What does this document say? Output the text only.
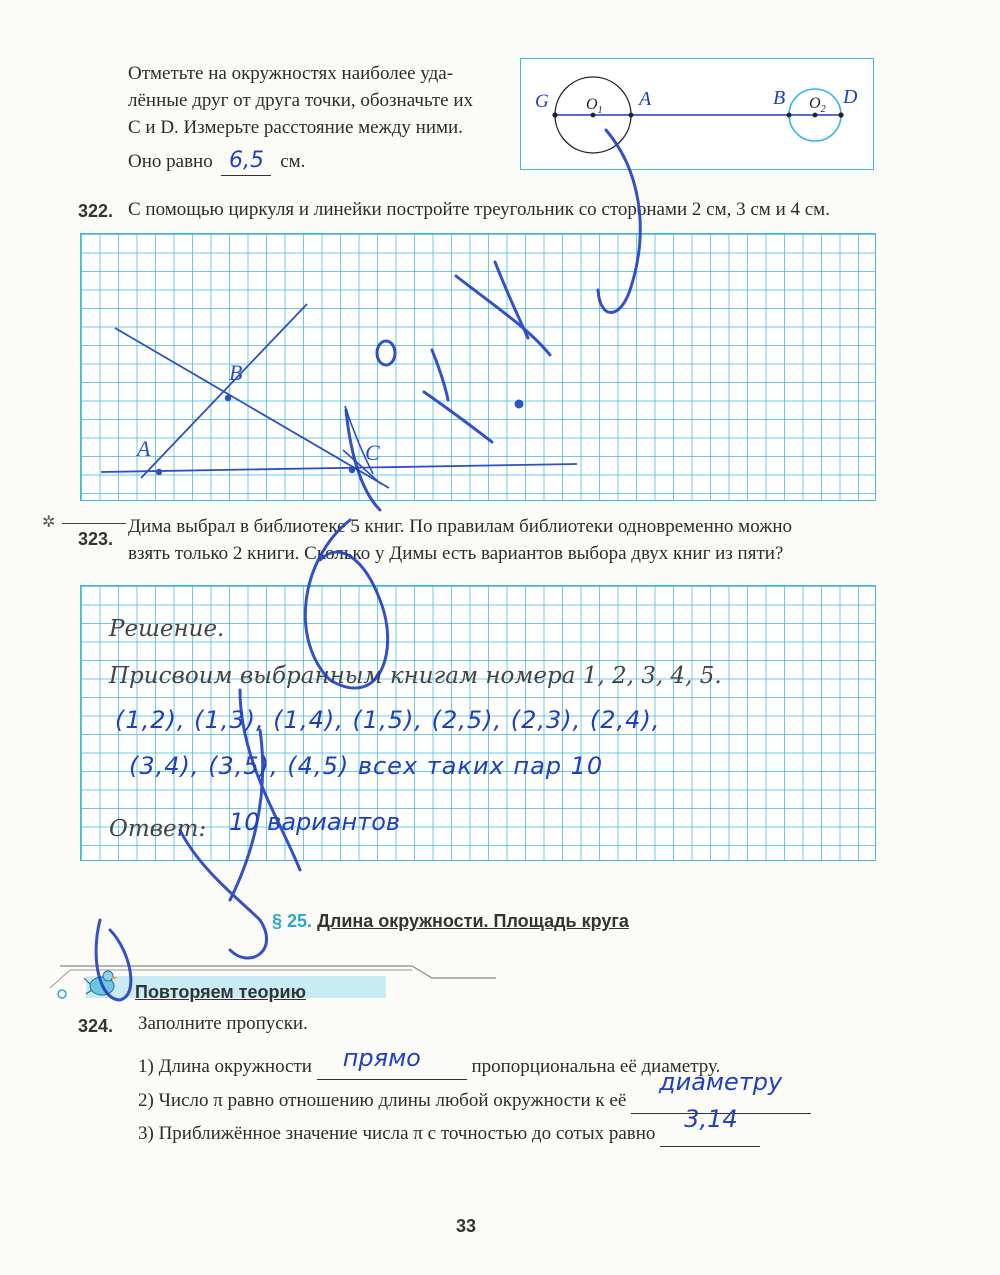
Отметьте на окружностях наиболее уда-
лённые друг от друга точки, обозначьте их
C и D. Измерьте расстояние между ними.
Оно равно 6,5 см.
G $O_1$
A	B $O_2$
D
322. С помощью циркуля и линейки постройте треугольник со сторонами 2 см, 3 см и 4 см.
A
B
C
✲
323.
Дима выбрал в библиотеке 5 книг. По правилам библиотеки одновременно можно
взять только 2 книги. Сколько у Димы есть вариантов выбора двух книг из пяти?
Решение.
Присвоим выбранным книгам номера 1, 2, 3, 4, 5.
(1,2), (1,3), (1,4), (1,5), (2,5), (2,3), (2,4),
(3,4), (3,5), (4,5) всех таких пар 10
Ответ: 10 вариантов
§ 25. Длина окружности. Площадь круга
Повторяем теорию
324. Заполните пропуски.
1) Длина окружности прямо	пропорциональна её диаметру.
2) Число π равно отношению длины любой окружности к её
диаметру
3) Приближённое значение числа π с точностью до сотых равно
3,14
33
